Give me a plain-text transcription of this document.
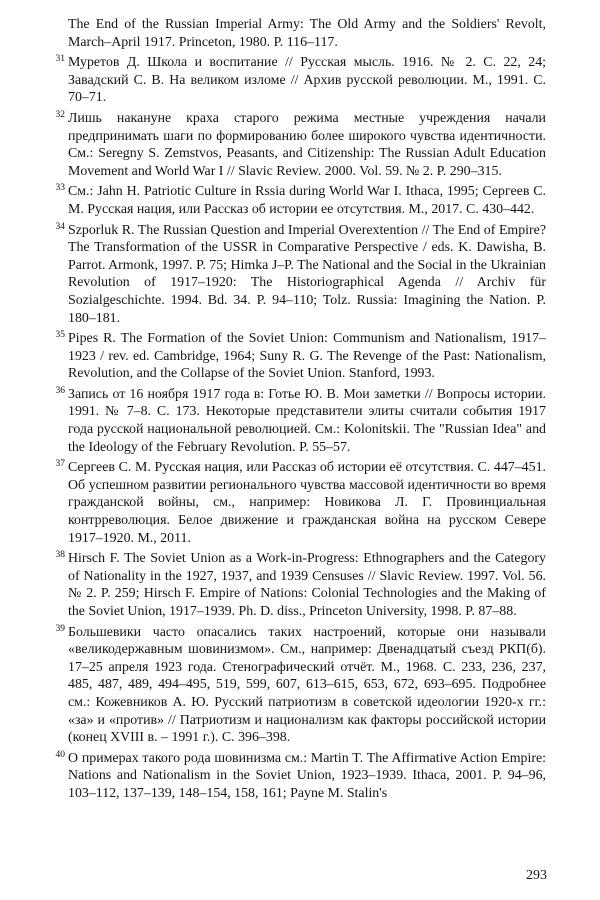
The End of the Russian Imperial Army: The Old Army and the Soldiers' Revolt, March–April 1917. Princeton, 1980. P. 116–117.
31 Муретов Д. Школа и воспитание // Русская мысль. 1916. № 2. С. 22, 24; Завадский С. В. На великом изломе // Архив русской революции. М., 1991. С. 70–71.
32 Лишь накануне краха старого режима местные учреждения начали предпринимать шаги по формированию более широкого чувства идентичности. См.: Seregny S. Zemstvos, Peasants, and Citizenship: The Russian Adult Education Movement and World War I // Slavic Review. 2000. Vol. 59. № 2. P. 290–315.
33 См.: Jahn H. Patriotic Culture in Rssia during World War I. Ithaca, 1995; Сергеев С. М. Русская нация, или Рассказ об истории ее отсутствия. М., 2017. С. 430–442.
34 Szporluk R. The Russian Question and Imperial Overextention // The End of Empire? The Transformation of the USSR in Comparative Perspective / eds. K. Dawisha, B. Parrot. Armonk, 1997. P. 75; Himka J–P. The National and the Social in the Ukrainian Revolution of 1917–1920: The Historiographical Agenda // Archiv für Sozialgeschichte. 1994. Bd. 34. P. 94–110; Tolz. Russia: Imagining the Nation. P. 180–181.
35 Pipes R. The Formation of the Soviet Union: Communism and Nationalism, 1917–1923 / rev. ed. Cambridge, 1964; Suny R. G. The Revenge of the Past: Nationalism, Revolution, and the Collapse of the Soviet Union. Stanford, 1993.
36 Запись от 16 ноября 1917 года в: Готье Ю. В. Мои заметки // Вопросы истории. 1991. № 7–8. С. 173. Некоторые представители элиты считали события 1917 года русской национальной революцией. См.: Kolonitskii. The "Russian Idea" and the Ideology of the February Revolution. P. 55–57.
37 Сергеев С. М. Русская нация, или Рассказ об истории её отсутствия. С. 447–451. Об успешном развитии регионального чувства массовой идентичности во время гражданской войны, см., например: Новикова Л. Г. Провинциальная контрреволюция. Белое движение и гражданская война на русском Севере 1917–1920. М., 2011.
38 Hirsch F. The Soviet Union as a Work-in-Progress: Ethnographers and the Category of Nationality in the 1927, 1937, and 1939 Censuses // Slavic Review. 1997. Vol. 56. № 2. P. 259; Hirsch F. Empire of Nations: Colonial Technologies and the Making of the Soviet Union, 1917–1939. Ph. D. diss., Princeton University, 1998. P. 87–88.
39 Большевики часто опасались таких настроений, которые они называли «великодержавным шовинизмом». См., например: Двенадцатый съезд РКП(б). 17–25 апреля 1923 года. Стенографический отчёт. М., 1968. С. 233, 236, 237, 485, 487, 489, 494–495, 519, 599, 607, 613–615, 653, 672, 693–695. Подробнее см.: Кожевников А. Ю. Русский патриотизм в советской идеологии 1920-х гг.: «за» и «против» // Патриотизм и национализм как факторы российской истории (конец XVIII в. – 1991 г.). С. 396–398.
40 О примерах такого рода шовинизма см.: Martin T. The Affirmative Action Empire: Nations and Nationalism in the Soviet Union, 1923–1939. Ithaca, 2001. P. 94–96, 103–112, 137–139, 148–154, 158, 161; Payne M. Stalin's
293
